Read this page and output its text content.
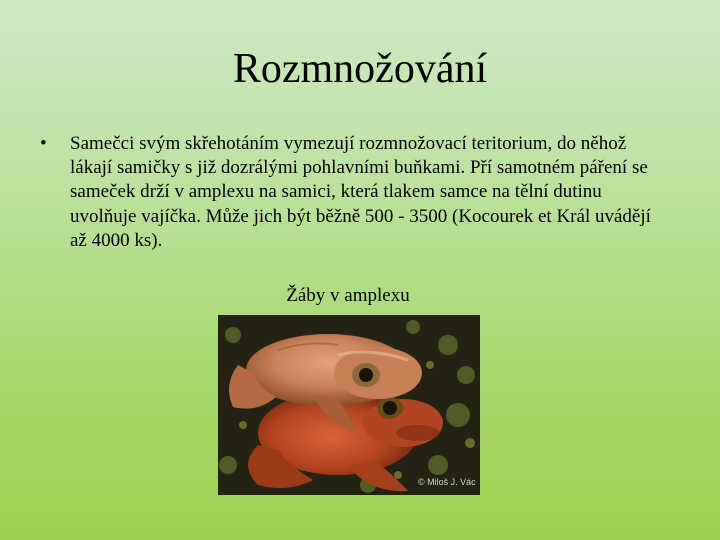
Rozmnožování
• Samečci svým skřehotáním vymezují rozmnožovací teritorium, do něhož lákají samičky s již dozrálými pohlavními buňkami. Pří samotném páření se sameček drží v amplexu na samici, která tlakem samce na tělní dutinu uvolňuje vajíčka. Může jich být běžně 500 - 3500 (Kocourek et Král uvádějí až 4000 ks).
Žáby v amplexu
© Miloš J. Vác
